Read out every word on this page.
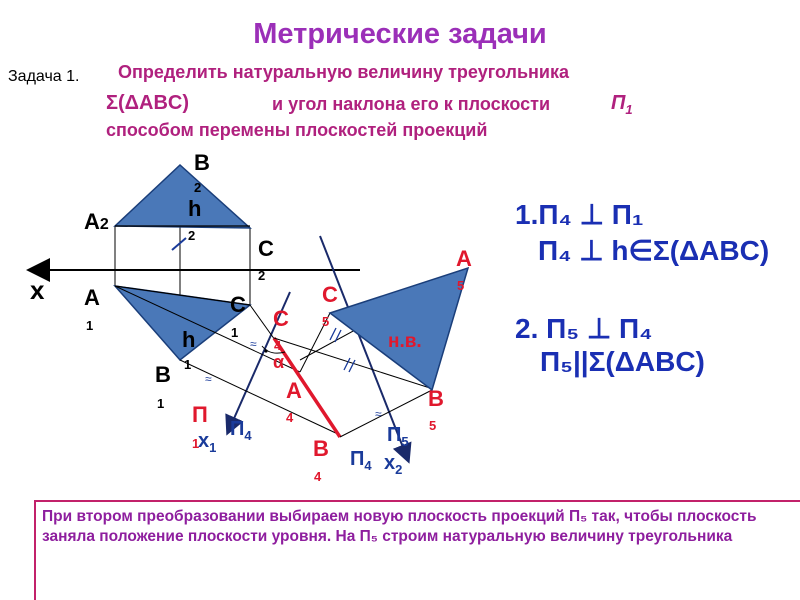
Метрические задачи
Задача 1. Определить натуральную величину треугольника
Σ(ΔABC)	и угол наклона его к плоскости	$П_1$
способом перемены плоскостей проекций
≈
≈
≈
B
2
h
2
A2
C
2
x A
1
C
1
h
1
B
1 П
1
$x_1$
$П_4$
C
4
α
A
4
B
4
C
5
A
5
B
5
н.в.
$П_4$
$П_5$
$x_2$
1.П₄ ⊥ П₁
П₄ ⊥ h∈Σ(ΔABC)
2. П₅ ⊥ П₄
П₅||Σ(ΔABC)
При втором преобразовании выбираем новую плоскость проекций П₅ так, чтобы плоскость заняла положение плоскости уровня. На П₅ строим натуральную величину треугольника
